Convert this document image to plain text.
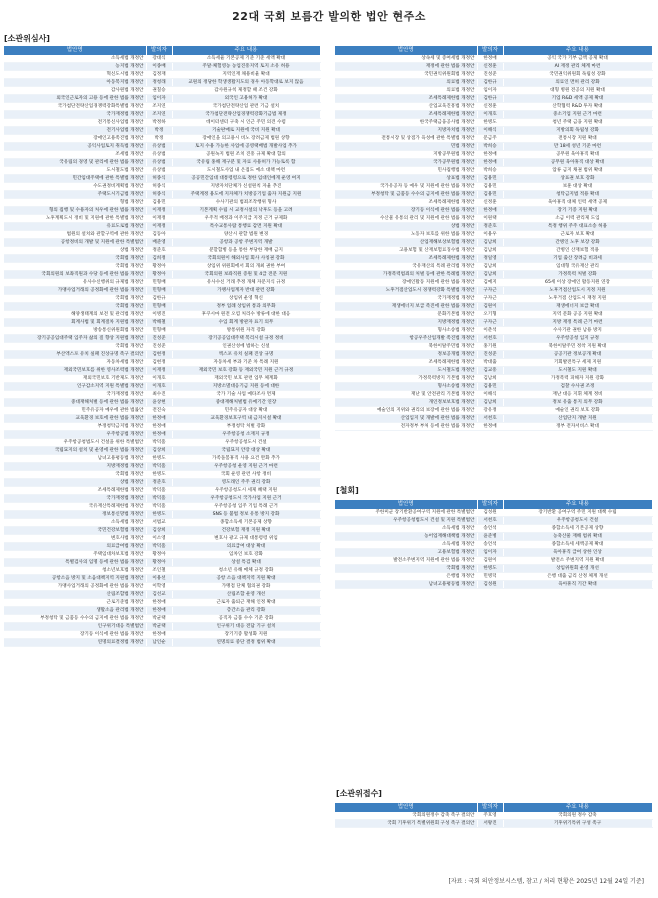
22대 국회 보름간 발의한 법안 현주소
[소관위심사]
법안명	발의자	주요 내용
소득세법 개정안	강대식	소득세율 기본공제 기준 기준 세액 확대
농지법 개정안	이종배	주말·체험영농 농업진흥지역 토지 소유 허용
혁신도시법 개정안	김정재	지역인재 채용비율 확대
아동복지법 개정안	정청래	교원의 정당한 학생생활지도의 경우 아동학대로 보지 않음
감사원법 개정안	권칠승	감사원규칙 제정할 때 조건 강화
외국인근로자의 고용 등에 관한 법률 개정안	임이자	외국인 고용허가 확대
국가첨단전략산업경쟁력강화특별법 개정안	조지연	국가첨단전략산업 관련 기금 설치
국가재정법 개정안	조지연	국가첨단전략산업경쟁력강화기금법 제정
전기통신사업법 개정안	박정하	데이터센터 구축 시 인근 주민 의견 수렴
전기사업법 개정안	박정	기술판매로 지원에 국비 지원 확대
장애인고용촉진법 개정안	박정	장애인을 의고용시 비노 장려금제 법원 상향
공익사업토지 취득법 개정안	유상범	토지 수용 가능한 사업에 공영택배법 개발사업 추가
조세법 개정안	유상범	공원녹지 법원 조치 진흥 규제 확대 합의
국유림의 경영 및 관리에 관한 법률 개정안	유상범	국유림 홍해 재구분 및 자료 사용허가 가능토록 함
도시철도법 개정안	유상범	도시철도사업 내 온접도 예소 대책 마련
민간임대주택에 관한 특별법 개정안	허종식	공공민간임대 대통령령으로 정한 임대인에게 운영 여지
수도권정비계획법 개정안	허종식	지방자치단체가 신설원칙 자율 추진
주택도시기금법 개정안	허종식	주택계정 용도에 지자체가 치방공기업 출자 지원금 지원
형법 개정안	김용민	수사기관의 범죄조작행위 형사
형의 집행 및 수용자의 처우에 관한 법률 개정안	이재정	기본계획 수립 시 교정시설의 낙후도 등을 고려
노후계획도시 정비 및 지원에 관한 특별법 개정안	이재정	우주적 배정과 이주지급 지정 근거 규제화
유료도로법 개정안	이재정	특수교통사람 통행료 감면 지원 확대
법원의 설치와 관할구역에 관한 개정안	김동아	양산시 관할 법원 변경
공항정비의 개발 및 지원에 관한 특별법안	배준영	공항과 공항 주변지역 개발
상법 개정안	정준호	분할합병 등을 통한 부당한 재배 금지
국회법 개정안	김희정	국회의원이 해외사업 회사 사칭권 강화
국회법 개정안	황정아	상임위 위원회에서 회의 개최 권한 부여
국회의원의 보좌직원과 수당 등에 관한 법률 개정안	황정아	국회의원 보좌직원 증원 및 4급 전문 지원
유사수신행위의 규제법 개정안	민형배	유사수신 거래 추정 개체 자문지식 규정
가맹사업거래의 공정화에 관한 법률 개정안	민형배	가맹사업계자 반대 관련 강화
국회법 개정안	김한규	상임위 운영 혁신
국회법 개정안	민형배	정부 업례 상임위 통과 의무화
해양생태계의 보전 및 관리법 개정안	이병진	후쿠시마 원전 오염 처리수 방류에 대한 대응
회계사법 및 회계절차 지원법 개정안	박해철	수입 회계 방관자 표기 의무
방송통신위원회법 개정안	민형배	방통위원 자격 강화
장기공공임대주택 입주자 삶의 질 향상 지원법 개정안	진성준	장기공공임대주택 복리시설 규정 정비
국회법 개정안	진성준	인권산성에 법하는 신설
부산엑스포 유치 실패 진상규명 촉구 결의안	김현정	엑스포 유치 실패 진상 규명
자동차세법 개정안	김현정	자동차세 부과 기준 차 특례 지원
재외국민보호를 위한 영사조력법 개정안	이재정	재외국민 보호 강화 등 재외국민 지원 근거 규정
재외국민보호 기반제도 개정안	이개호	재외국민 보호 관련 업무 체계화
인구감소지역 지원 특별법 개정안	이개호	지방소멸대응기금 지원 등에 대한
국가재정법 개정안	최수진	국가 기술 사업 예타조사 면제
중대재해처벌 등에 관한 법률 개정안	윤상현	중대재해처벌법 유예기간 연장
민주유공자 예우에 관한 법률안	전진숙	민주유공자 대상 확대
교육환경 보호에 관한 법률 개정안	한정애	교육환경보호구역 내 금지시설 확대
부정청탁금지법 개정안	한정애	부정청탁 처벌 강화
우주항공법 개정안	한정애	우주항공청 소재지 규정
우주항공청법도시 건설을 위한 특별법안	박덕흠	우주항공청도시 건설
국립묘지의 설치 및 운영에 관한 법률 개정안	김상희	국립묘지 안장 대상 확대
남녀고용평등법 개정안	한병도	가족돌봄휴직 사용 요건 완화 추가
지방재정법 개정안	박덕흠	우주항공청 운영 지원 근거 마련
국회법 개정안	한병도	국회 운영 관련 사항 정비
상법 개정안	정준호	영도래인 주주 권리 강화
조세특례제한법 개정안	박덕흠	우주항공청도시 세제 혜택 지원
국가재정법 개정안	박덕흠	우주항공청도시 국가사업 지원 근거
국유재산특례제한법 개정안	박덕흠	우주항공청 입주 기업 특례 근거
정보통신망법 개정안	한병도	SNS 등 불법 정보 유통 방지 강화
소득세법 개정안	서범교	종합소득세 기본공제 상향
국민건강보험법 개정안	김상희	건강보험 재정 지원 확대
변호사법 개정안	이소영	변호사 광고 규제 대통령령 위임
의료급여법 개정안	박덕흠	의료급여 대상 확대
주택임대차보호법 개정안	황정아	임차인 보호 강화
특별검사의 임명 등에 관한 법률 개정안	황정아	상설 특검 확대
청소년보호법 개정안	조인철	청소년 유해 매체 규정 강화
공항소음 방지 및 소음대책지역 지원법 개정안	이용선	공항 소음 대책지역 지원 확대
가맹사업거래의 공정화에 관한 법률 개정안	이학영	가맹점 단체 협의권 강화
산림조합법 개정안	김선교	산림조합 운영 개선
근로기준법 개정안	한정애	근로자 출퇴근 재해 인정 확대
생활소음 관리법 개정안	한정애	층간소음 관리 강화
부정청탁 및 금품등 수수의 금지에 관한 법률 개정안	박균택	공직자 금품 수수 기준 강화
인구위기대응 특별법안	박균택	인구위기 대응 전담 기구 설치
장기등 이식에 관한 법률 개정안	한정애	장기기증 활성화 지원
연명의료결정법 개정안	남인순	연명의료 중단 결정 범위 확대
법안명	발의자	주요 내용
상속세 및 증여세법 개정안	한정애	공익 국가 기부 금액 공제 확대
재정에 관한 법률 개정안	신정훈	AI 재정 관리 체계 마련
국민권익위원회법 개정안	진성준	국민권익위원회 독립성 강화
의료법 개정안	김한규	의료인 면허 관리 강화
의료법 개정안	임이자	대형 병원 전공의 지원 확대
조세특례제한법 개정안	김한규	기업 R&D 세액 공제 확대
산업교육진흥법 개정안	신정훈	산학협력 R&D 투자 확대
조세특례제한법 개정안	이개호	중소기업 지원 근거 마련
한국주택금융공사법 개정안	한병도	청년 주택 금융 지원 확대
지방자치법 개정안	이해식	지방의회 독립성 강화
전통시장 및 상점가 육성에 관한 특별법 개정안	문금주	전통시장 지원 확대
민법 개정안	박희승	만 18세 성년 기준 마련
지방공무원법 개정안	한정애	공무원 육아휴직 확대
국가공무원법 개정안	한정애	공무원 육아휴직 대상 확대
민사집행법 개정안	박희승	압류 금지 채권 범위 확대
상표법 개정안	김용민	상표권 보호 강화
국가유공자 등 예우 및 지원에 관한 법률 개정안	김용민	보훈 대상 확대
부정청탁 및 금품등 수수의 금지에 관한 법률 개정안	김용민	청탁금지법 적용 확대
조세특례제한법 개정안	신정훈	육아휴직 대체 인력 세액 공제
장기등 이식에 관한 법률 개정안	한정애	장기 기증 지원 확대
수산물 유통의 관리 및 지원에 관한 법률 개정안	이원택	소금 이력 관리제 도입
상법 개정안	정준호	특정 행위 주주 대표소송 허용
노동자 보호를 위한 법률 개정안	이용우	근로자 보호 확대
산업재해보상보험법 개정안	김남희	간병인 노후 보장 강화
고용보험 및 산재보험료징수법 개정안	김남희	간병인 산재보험 적용
조세특례제한법 개정안	정일영	기업 출산 장려금 비과세
국유재산의 특례 관리법 개정안	김남희	임대형 국유재산 관리
가정폭력범죄의 처벌 등에 관한 특례법 개정안	김남희	가정폭력 처벌 강화
장애인활동 지원에 관한 법률 개정안	김예지	65세 이상 장애인 활동지원 연장
노후거점산업도시 경쟁력강화 특별법 개정안	구자근	노후거점산업도시 지정 지원
국가재정법 개정안	구자근	노후거점 산업도시 재정 지원
재생에너지 보급 촉진에 관한 법률 개정안	김원이	재생에너지 보급 확대
문화기본법 개정안	오기형	지역 문화 공공 지원 확대
지방재정법 개정안	구자근	지방 재정 특례 근거 마련
형사소송법 개정안	이춘석	수사기관 권한 남용 방지
항공우주산업개발 촉진법 개정안	서천호	우주항공청 입지 규정
북한이탈주민법 개정안	홍기원	북한이탈주민 정착 지원 확대
정보공개법 개정안	진성준	공공기관 정보공개 확대
조세특례제한법 개정안	박대출	기회발전특구 세제 지원
도시철도법 개정안	김교흥	도시철도 지원 확대
가정폭력방지 기본법 개정안	김남희	가정폭력 피해자 지원 강화
형사소송법 개정안	김용민	검찰 수사권 조정
재난 및 안전관리 기본법 개정안	이해식	재난 대응 지휘 체계 정비
개인정보보호법 개정안	김남희	정보 유출 통지 의무 강화
예술인의 지위와 권리의 보장에 관한 법률 개정안	강유정	예술인 권리 보호 강화
산업입지 및 개발에 관한 법률 개정안	서천호	산업단지 개발 지원
전자정부 부처 등에 관한 법률 개정안	한정애	정부 전자서비스 확대
[철회]
법안명	발의자	주요 내용
주한미군 장기반환공여구역 지원에 관한 특별법안	김성원	장기반환 공여구역 주민 지원 대책 수립
우주항공청법도시 건설 및 지원 특별법안	서천호	우주항공청도시 건설
소득세법 개정안	송언석	종합소득세 기본공제 상향
농어업재해대책법 개정안	윤준병	농축산물 재해 범위 확대
소득세법 개정안	송언석	종합소득세 세액공제 확대
고용보험법 개정안	임이자	육아휴직 급여 상한 인상
발전소주변지역 지원에 관한 법률 개정안	김원이	발전소 주변지역 지원 확대
국회법 개정안	한병도	상임위원회 운영 개선
은행법 개정안	민병덕	은행 대출 금리 산정 체계 개선
남녀고용평등법 개정안	김성원	육아휴직 기간 확대
[소관위접수]
법안명	발의자	주요 내용
국회의원정수 감축 촉구 결의안	주호영	국회의원 정수 감축
국회 기후위기 특별위원회 구성 촉구 결의안	서왕진	기후위기특위 구성 촉구
[자료 : 국회 의안정보시스템, 참고 / 처리 현황은 2025년 12월 24일 기준]
